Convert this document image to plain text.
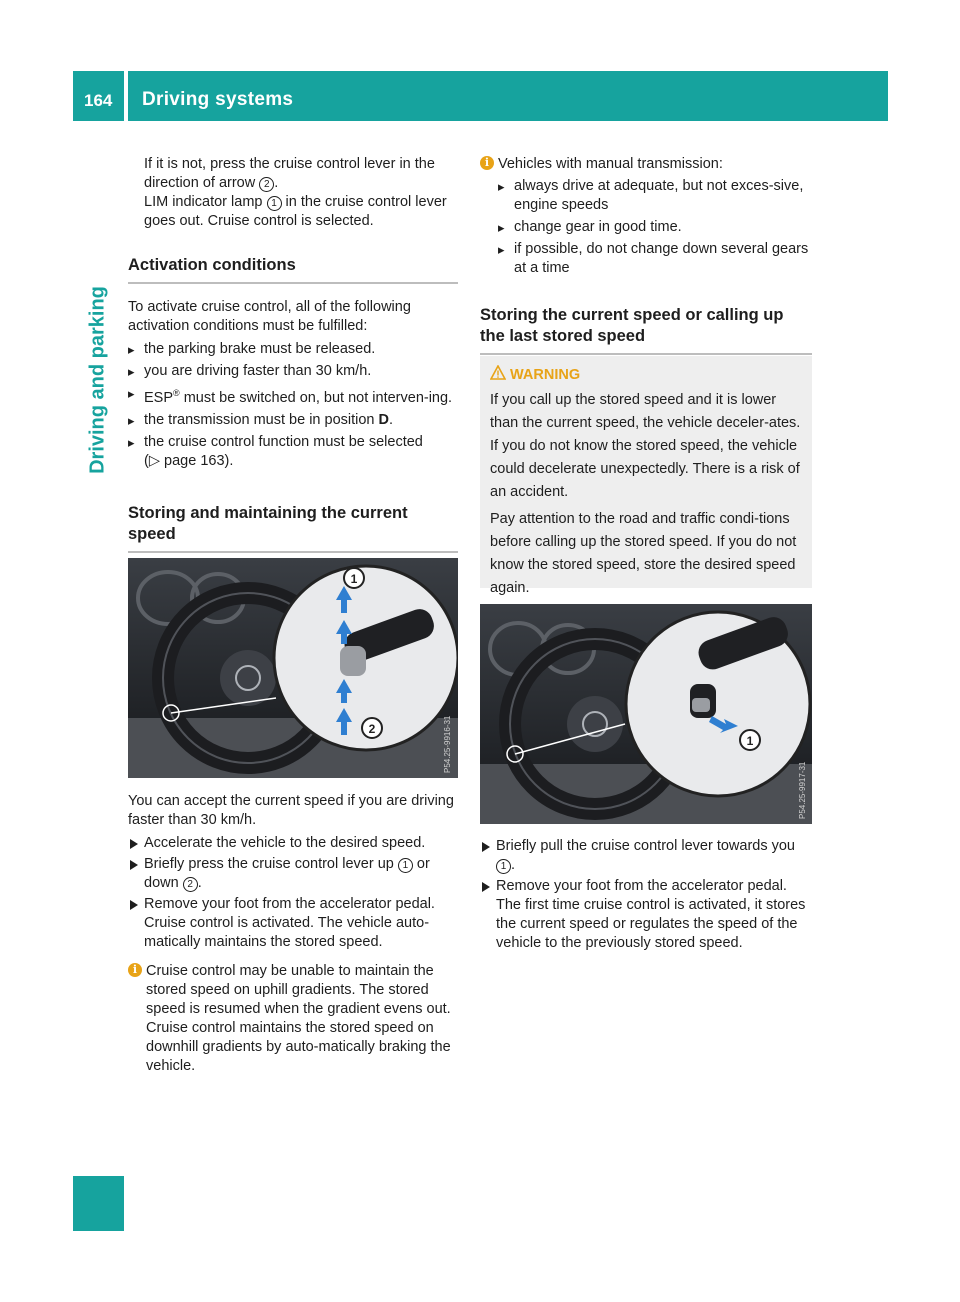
164 Driving systems
Driving and parking

If it is not, press the cruise control lever in the direction of arrow 2 .
LIM indicator lamp 1 in the cruise control lever goes out. Cruise control is selected.

Activation conditions

To activate cruise control, all of the following activation conditions must be fulfilled:

▸ the parking brake must be released.
▸ you are driving faster than 30 km/h.
▸ ESP® must be switched on, but not interven-ing.
▸ the transmission must be in position D.
▸ the cruise control function must be selected
(▷ page 163).
Storing and maintaining the current
speed
1
2	P54.25-9916-31

You can accept the current speed if you are driving faster than 30 km/h.

Accelerate the vehicle to the desired speed.
Briefly press the cruise control lever up 1 or down 2 .
Remove your foot from the accelerator pedal. Cruise control is activated. The vehicle auto-matically maintains the stored speed.
i Cruise control may be unable to maintain the stored speed on uphill gradients. The stored speed is resumed when the gradient evens out. Cruise control maintains the stored speed on downhill gradients by auto-matically braking the vehicle.
i Vehicles with manual transmission:
▸ always drive at adequate, but not exces-sive, engine speeds
▸ change gear in good time.
▸ if possible, do not change down several gears at a time
Storing the current speed or calling up
the last stored speed
WARNING

If you call up the stored speed and it is lower than the current speed, the vehicle deceler-ates. If you do not know the stored speed, the vehicle could decelerate unexpectedly. There is a risk of an accident.

Pay attention to the road and traffic condi-tions before calling up the stored speed. If you do not know the stored speed, store the desired speed again.

1
P54.25-9917-31
Briefly pull the cruise control lever towards you 1 .
Remove your foot from the accelerator pedal. The first time cruise control is activated, it stores the current speed or regulates the speed of the vehicle to the previously stored speed.
